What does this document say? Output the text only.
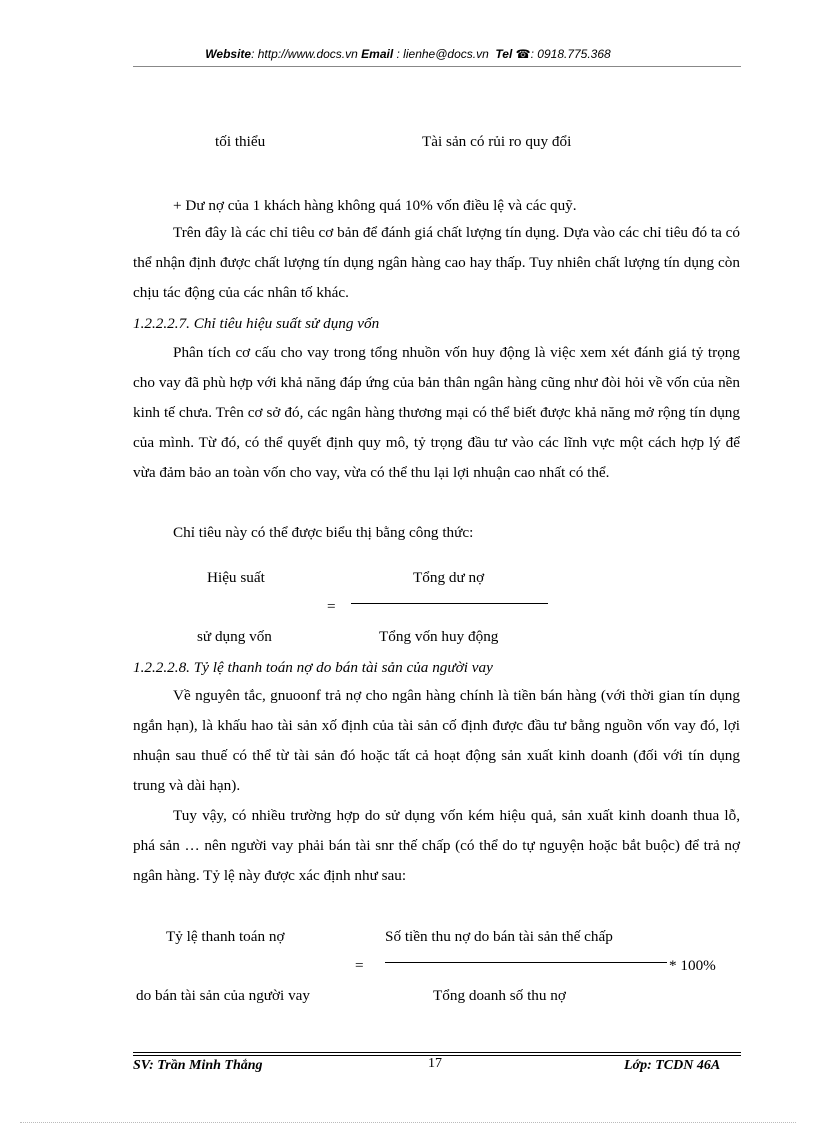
Website: http://www.docs.vn Email : lienhe@docs.vn Tel ☎: 0918.775.368
tối thiểu	Tài sản có rủi ro quy đổi
+ Dư nợ của 1 khách hàng không quá 10% vốn điều lệ và các quỹ.
Trên đây là các chỉ tiêu cơ bản để đánh giá chất lượng tín dụng. Dựa vào các chỉ tiêu đó ta có thể nhận định được chất lượng tín dụng ngân hàng cao hay thấp. Tuy nhiên chất lượng tín dụng còn chịu tác động của các nhân tố khác.
1.2.2.2.7. Chỉ tiêu hiệu suất sử dụng vốn
Phân tích cơ cấu cho vay trong tổng nhuồn vốn huy động là việc xem xét đánh giá tỷ trọng cho vay đã phù hợp với khả năng đáp ứng của bản thân ngân hàng cũng như đòi hỏi về vốn của nền kinh tế chưa. Trên cơ sở đó, các ngân hàng thương mại có thể biết được khả năng mở rộng tín dụng của mình. Từ đó, có thể quyết định quy mô, tỷ trọng đầu tư vào các lĩnh vực một cách hợp lý để vừa đảm bảo an toàn vốn cho vay, vừa có thể thu lại lợi nhuận cao nhất có thể.
Chỉ tiêu này có thể được biểu thị bằng công thức:
Hiệu suất	Tổng dư nợ
=
sử dụng vốn	Tổng vốn huy động
1.2.2.2.8. Tỷ lệ thanh toán nợ do bán tài sản của người vay
Về nguyên tắc, gnuoonf trả nợ cho ngân hàng chính là tiền bán hàng (với thời gian tín dụng ngắn hạn), là khấu hao tài sản xố định của tài sản cố định được đầu tư bằng nguồn vốn vay đó, lợi nhuận sau thuế có thể từ tài sản đó hoặc tất cả hoạt động sản xuất kinh doanh (đối với tín dụng trung và dài hạn).
Tuy vậy, có nhiều trường hợp do sử dụng vốn kém hiệu quả, sản xuất kinh doanh thua lỗ, phá sản … nên người vay phải bán tài snr thế chấp (có thể do tự nguyện hoặc bắt buộc) để trả nợ ngân hàng. Tỷ lệ này được xác định như sau:
Tỷ lệ thanh toán nợ	Số tiền thu nợ do bán tài sản thế chấp
=	* 100%
do bán tài sản của người vay	Tổng doanh số thu nợ
SV: Trần Minh Thắng	17	Lớp: TCDN 46A
